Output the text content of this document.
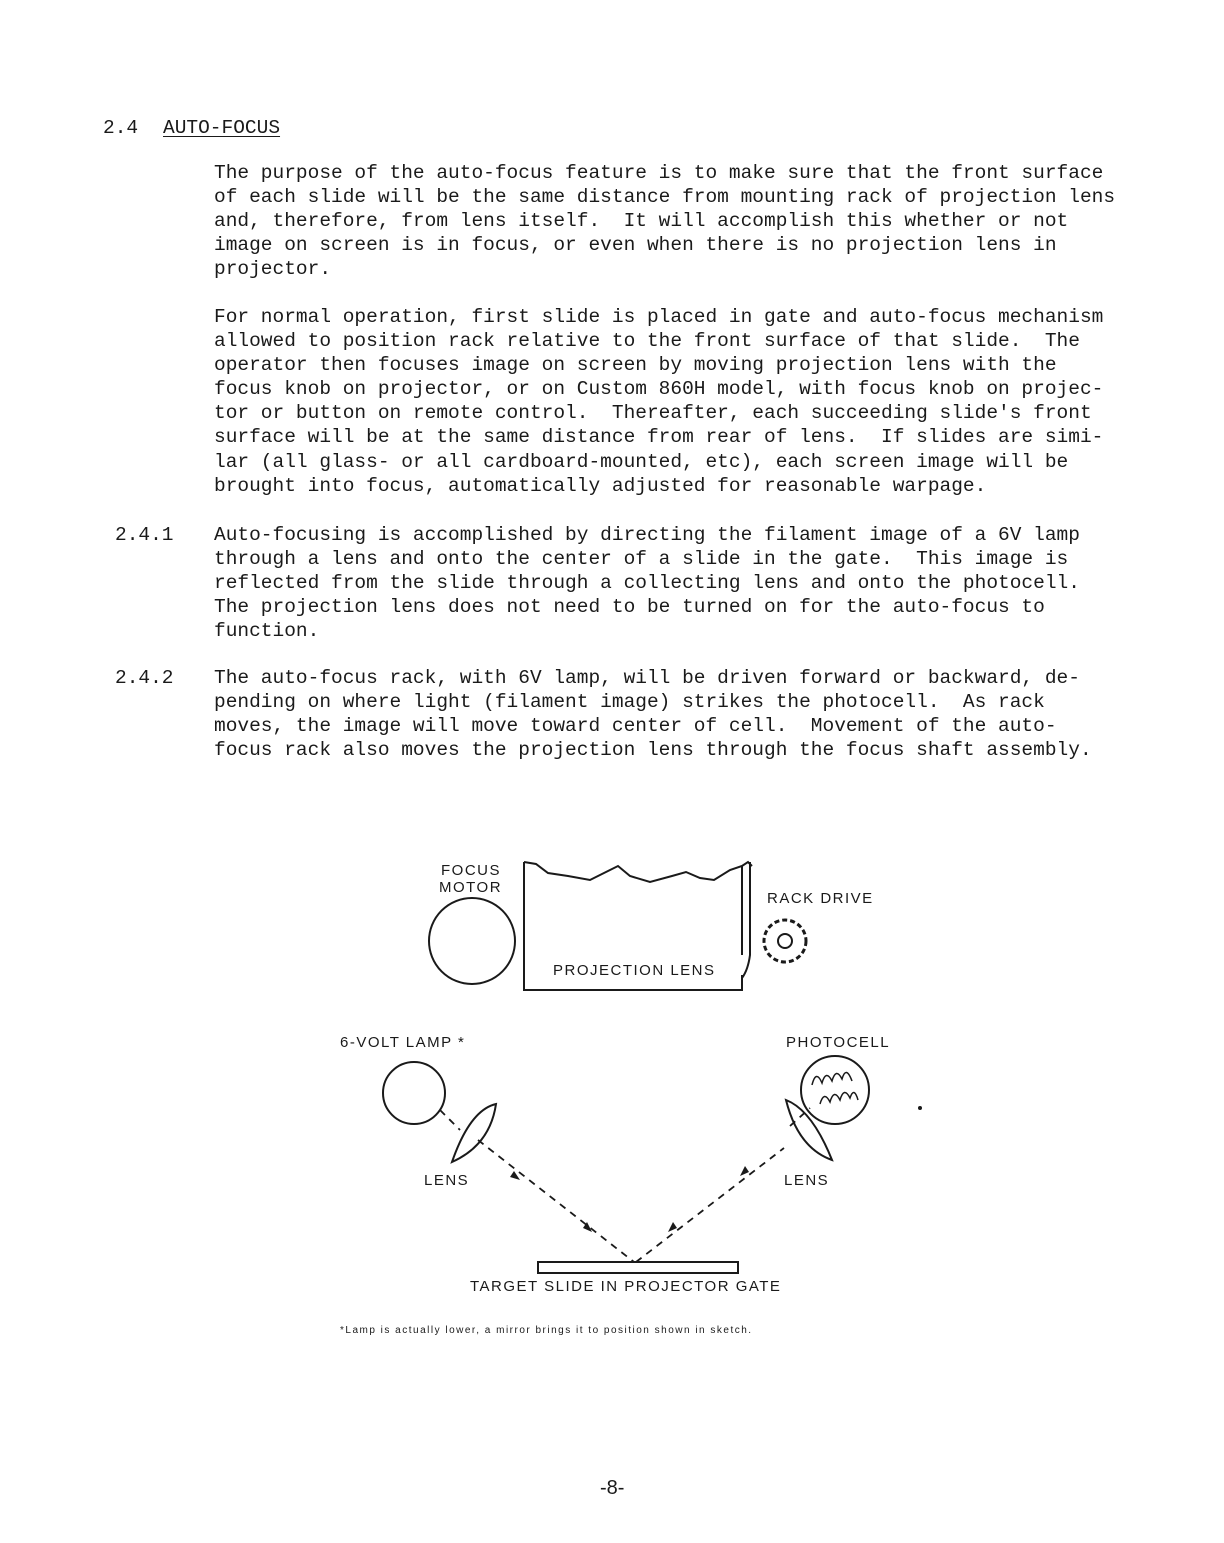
2.4 AUTO-FOCUS
The purpose of the auto-focus feature is to make sure that the front surface
of each slide will be the same distance from mounting rack of projection lens
and, therefore, from lens itself.  It will accomplish this whether or not
image on screen is in focus, or even when there is no projection lens in
projector.
For normal operation, first slide is placed in gate and auto-focus mechanism
allowed to position rack relative to the front surface of that slide.  The
operator then focuses image on screen by moving projection lens with the
focus knob on projector, or on Custom 860H model, with focus knob on projec-
tor or button on remote control.  Thereafter, each succeeding slide's front
surface will be at the same distance from rear of lens.  If slides are simi-
lar (all glass- or all cardboard-mounted, etc), each screen image will be
brought into focus, automatically adjusted for reasonable warpage.
2.4.1 Auto-focusing is accomplished by directing the filament image of a 6V lamp
through a lens and onto the center of a slide in the gate.  This image is
reflected from the slide through a collecting lens and onto the photocell.
The projection lens does not need to be turned on for the auto-focus to
function.
2.4.2 The auto-focus rack, with 6V lamp, will be driven forward or backward, de-
pending on where light (filament image) strikes the photocell.  As rack
moves, the image will move toward center of cell.  Movement of the auto-
focus rack also moves the projection lens through the focus shaft assembly.
FOCUS
MOTOR
RACK DRIVE
PROJECTION LENS
6-VOLT LAMP *	PHOTOCELL
LENS	LENS
TARGET SLIDE IN PROJECTOR GATE
*Lamp is actually lower, a mirror brings it to position shown in sketch.
-8-
